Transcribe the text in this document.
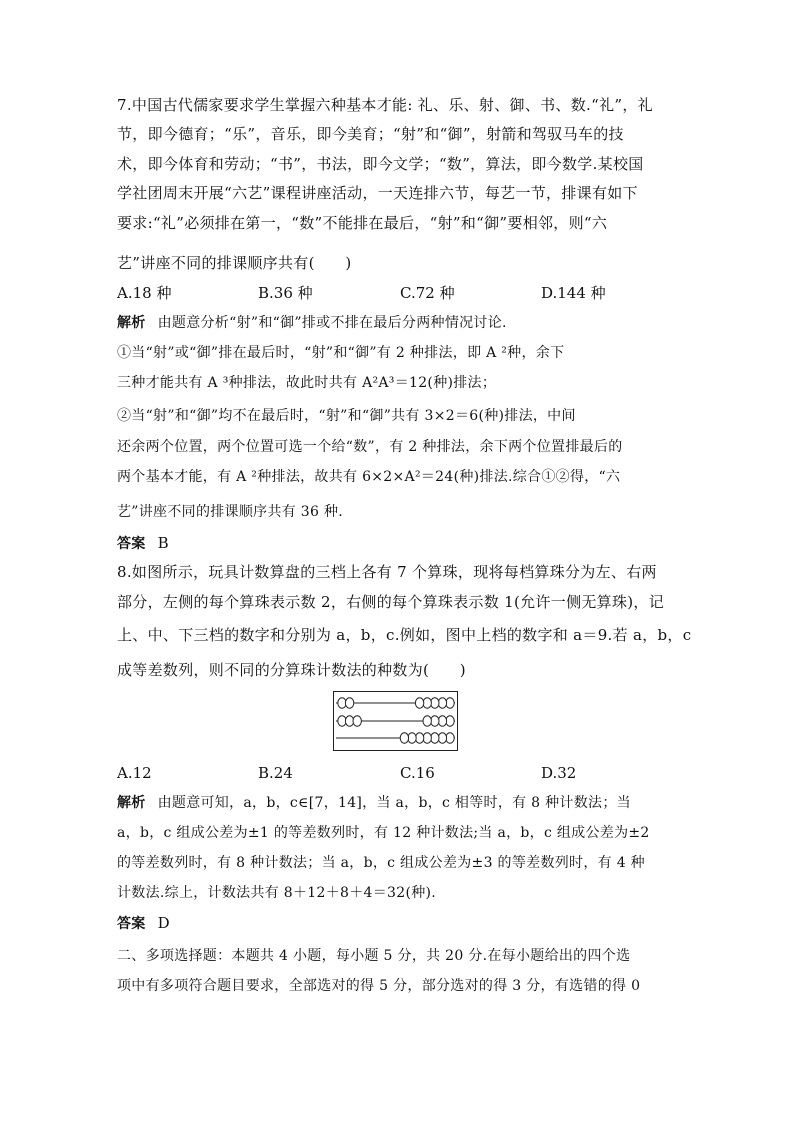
7.中国古代儒家要求学生掌握六种基本才能: 礼、乐、射、御、书、数.“礼”，礼
节，即今德育；“乐”，音乐，即今美育；“射”和“御”，射箭和驾驭马车的技
术，即今体育和劳动；“书”，书法，即今文学；“数”，算法，即今数学.某校国
学社团周末开展“六艺”课程讲座活动，一天连排六节，每艺一节，排课有如下
要求:“礼”必须排在第一，“数”不能排在最后，“射”和“御”要相邻，则“六
艺”讲座不同的排课顺序共有(　　)
A.18 种	B.36 种	C.72 种	D.144 种
解析 由题意分析“射”和“御”排或不排在最后分两种情况讨论.
①当“射”或“御”排在最后时，“射”和“御”有 2 种排法，即 A ²种，余下
三种才能共有 A ³种排法，故此时共有 A²A³＝12(种)排法；
②当“射”和“御”均不在最后时，“射”和“御”共有 3×2＝6(种)排法，中间
还余两个位置，两个位置可选一个给“数”，有 2 种排法，余下两个位置排最后的
两个基本才能，有 A ²种排法，故共有 6×2×A²＝24(种)排法.综合①②得，“六
艺”讲座不同的排课顺序共有 36 种.
答案 B
8.如图所示，玩具计数算盘的三档上各有 7 个算珠，现将每档算珠分为左、右两
部分，左侧的每个算珠表示数 2，右侧的每个算珠表示数 1(允许一侧无算珠)，记
上、中、下三档的数字和分别为 a，b，c.例如，图中上档的数字和 a＝9.若 a，b，c
成等差数列，则不同的分算珠计数法的种数为(　　)
A.12	B.24	C.16	D.32
解析 由题意可知，a，b，c∈[7，14]，当 a，b，c 相等时，有 8 种计数法；当
a，b，c 组成公差为±1 的等差数列时，有 12 种计数法;当 a，b，c 组成公差为±2
的等差数列时，有 8 种计数法；当 a，b，c 组成公差为±3 的等差数列时，有 4 种
计数法.综上，计数法共有 8＋12＋8＋4＝32(种).
答案 D
二、多项选择题：本题共 4 小题，每小题 5 分，共 20 分.在每小题给出的四个选
项中有多项符合题目要求，全部选对的得 5 分，部分选对的得 3 分，有选错的得 0
